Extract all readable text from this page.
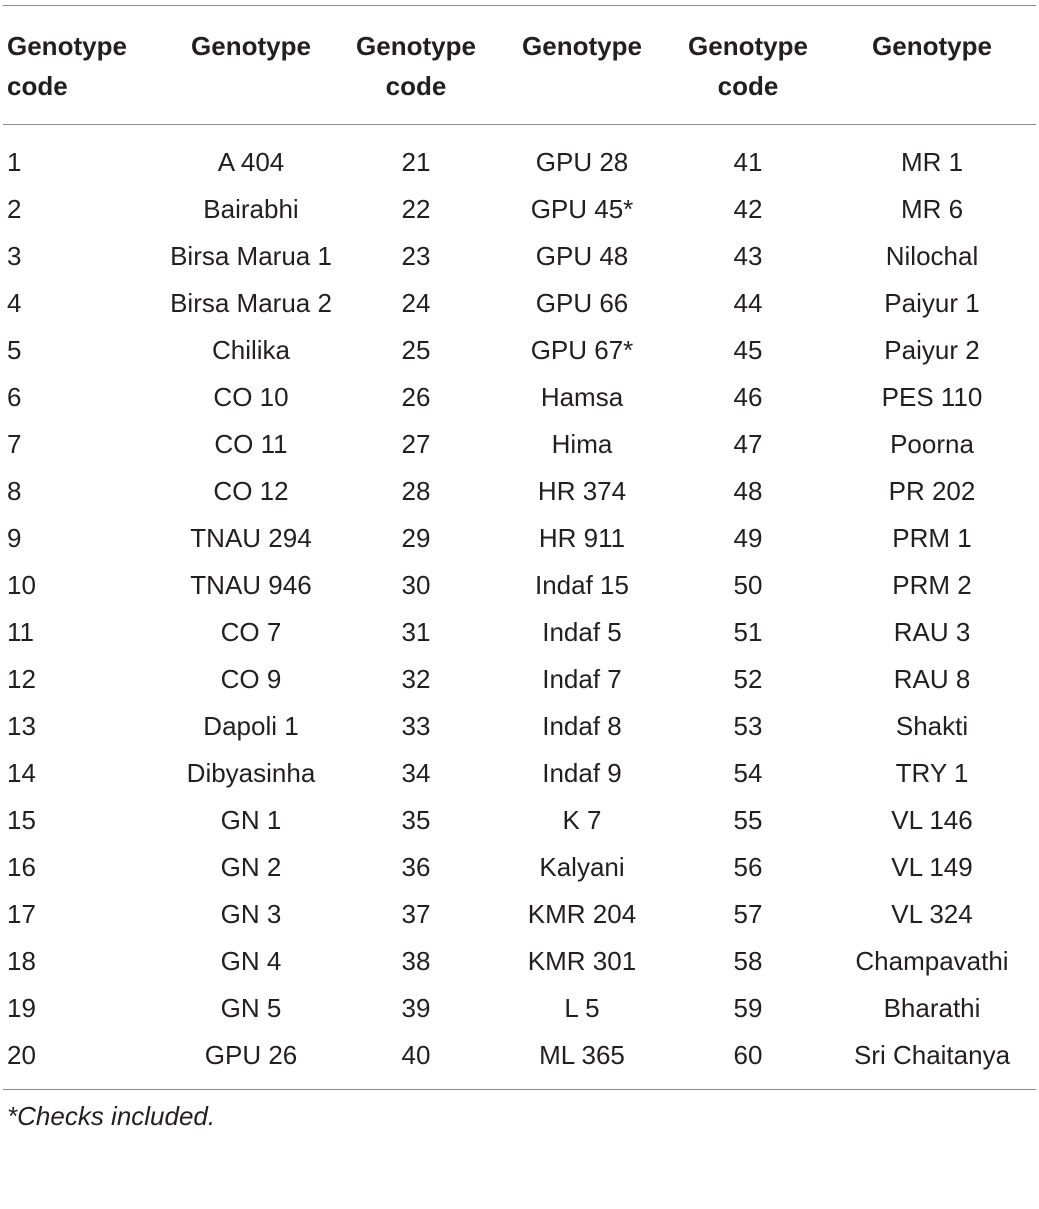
Genotype code	Genotype	Genotype code	Genotype	Genotype code	Genotype
1	A 404	21	GPU 28	41	MR 1
2	Bairabhi	22	GPU 45*	42	MR 6
3	Birsa Marua 1	23	GPU 48	43	Nilochal
4	Birsa Marua 2	24	GPU 66	44	Paiyur 1
5	Chilika	25	GPU 67*	45	Paiyur 2
6	CO 10	26	Hamsa	46	PES 110
7	CO 11	27	Hima	47	Poorna
8	CO 12	28	HR 374	48	PR 202
9	TNAU 294	29	HR 911	49	PRM 1
10	TNAU 946	30	Indaf 15	50	PRM 2
11	CO 7	31	Indaf 5	51	RAU 3
12	CO 9	32	Indaf 7	52	RAU 8
13	Dapoli 1	33	Indaf 8	53	Shakti
14	Dibyasinha	34	Indaf 9	54	TRY 1
15	GN 1	35	K 7	55	VL 146
16	GN 2	36	Kalyani	56	VL 149
17	GN 3	37	KMR 204	57	VL 324
18	GN 4	38	KMR 301	58	Champavathi
19	GN 5	39	L 5	59	Bharathi
20	GPU 26	40	ML 365	60	Sri Chaitanya
*Checks included.
